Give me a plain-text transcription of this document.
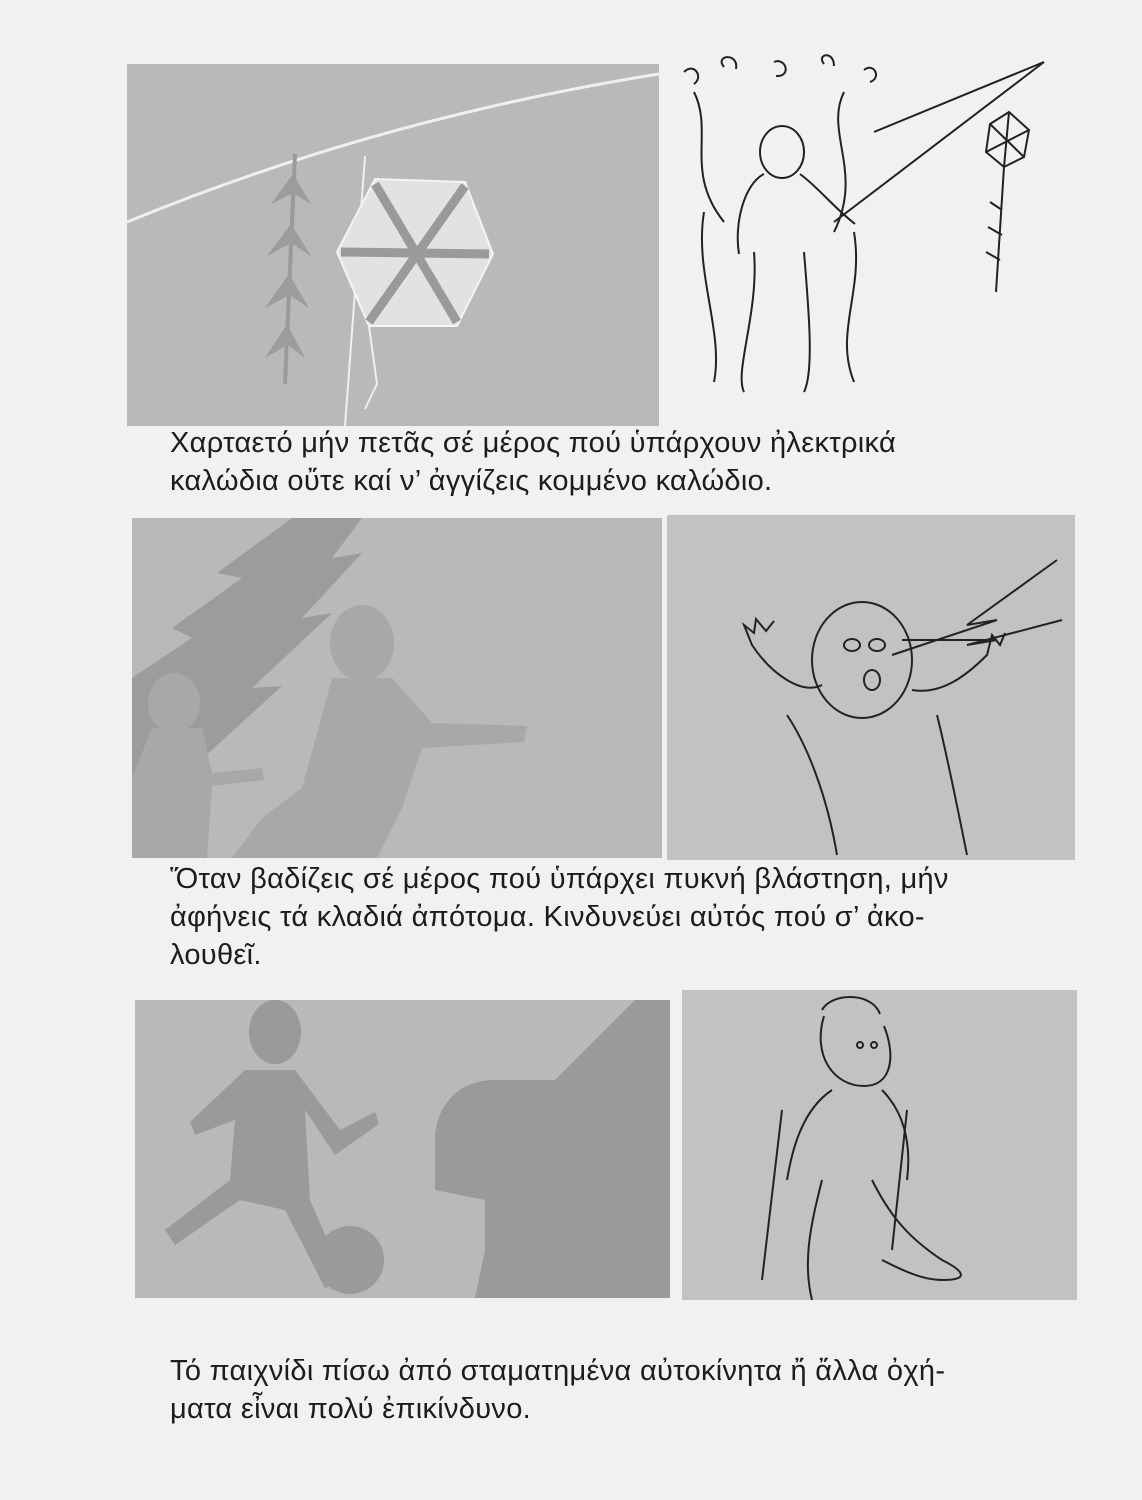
Χαρταετό μήν πετᾶς σέ μέρος πού ὑπάρχουν ἠλεκτρικά
καλώδια οὔτε καί ν’ ἀγγίζεις κομμένο καλώδιο.
Ὅταν βαδίζεις σέ μέρος πού ὑπάρχει πυκνή βλάστηση, μήν
ἀφήνεις τά κλαδιά ἀπότομα. Κινδυνεύει αὐτός πού σ’ ἀκο-
λουθεῖ.
Τό παιχνίδι πίσω ἀπό σταματημένα αὐτοκίνητα ἤ ἄλλα ὀχή-
ματα εἶναι πολύ ἐπικίνδυνο.
